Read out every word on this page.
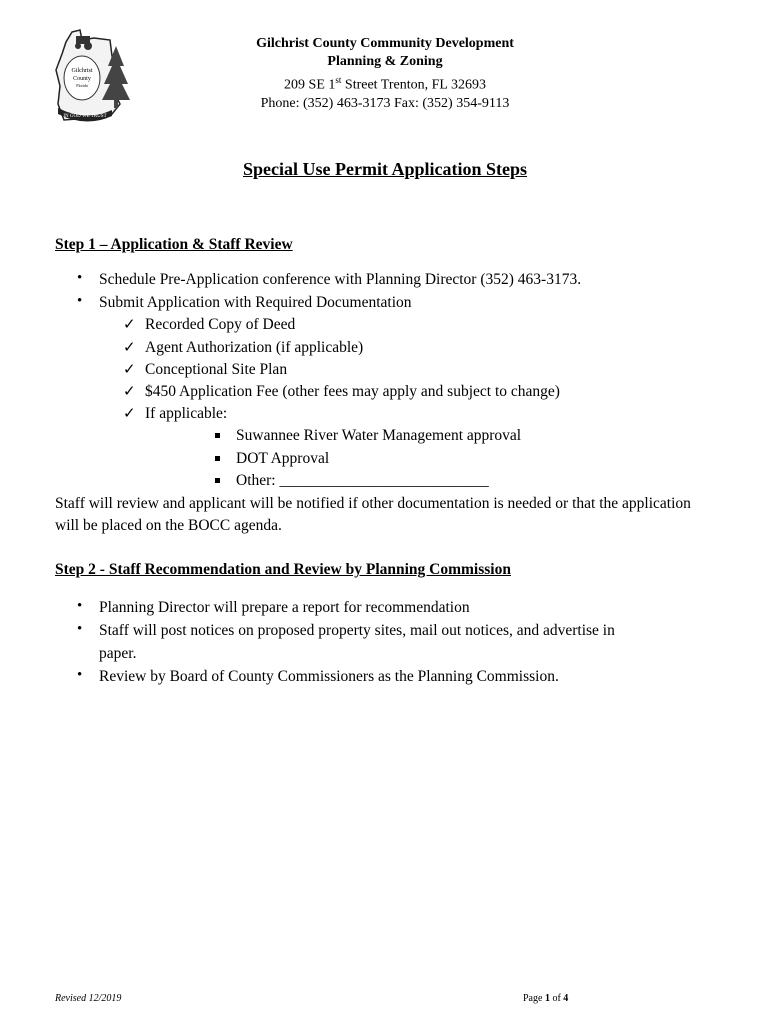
Gilchrist
County
Florida
IN GOD WE TRUST
Gilchrist County Community Development
Planning & Zoning
209 SE 1st Street Trenton, FL 32693
Phone: (352) 463-3173 Fax: (352) 354-9113
Special Use Permit Application Steps
Step 1 – Application & Staff Review
• Schedule Pre-Application conference with Planning Director (352) 463-3173.
• Submit Application with Required Documentation
✓ Recorded Copy of Deed
✓ Agent Authorization (if applicable)
✓ Conceptional Site Plan
✓ $450 Application Fee (other fees may apply and subject to change)
✓ If applicable:
Suwannee River Water Management approval
DOT Approval
Other: ___________________________
Staff will review and applicant will be notified if other documentation is needed or that the application will be placed on the BOCC agenda.
Step 2 - Staff Recommendation and Review by Planning Commission
• Planning Director will prepare a report for recommendation
• Staff will post notices on proposed property sites, mail out notices, and advertise in
paper.
• Review by Board of County Commissioners as the Planning Commission.
Revised 12/2019	Page 1 of 4
